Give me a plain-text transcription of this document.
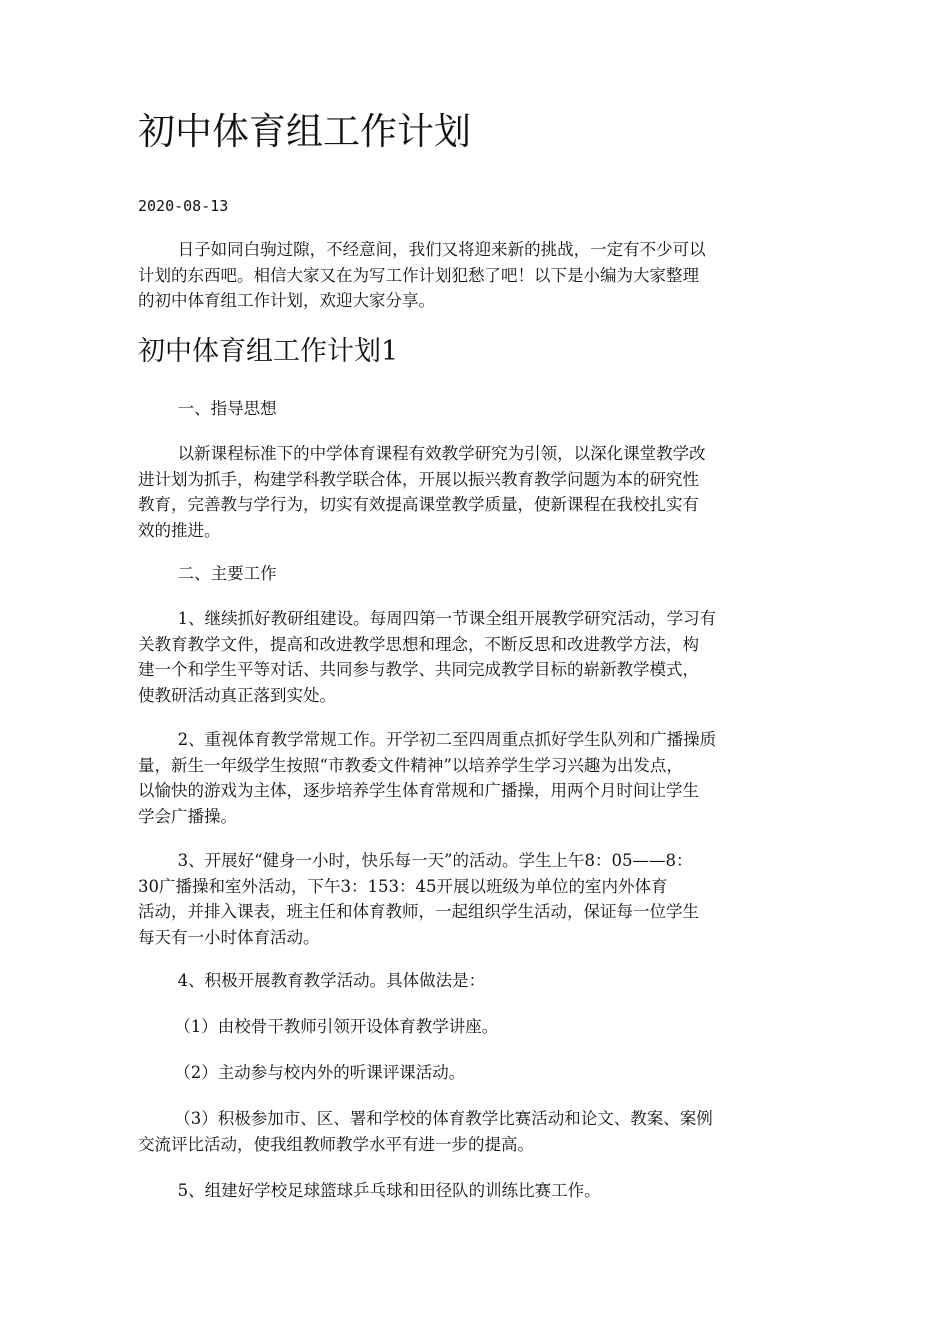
初中体育组工作计划
2020-08-13

日子如同白驹过隙，不经意间，我们又将迎来新的挑战，一定有不少可以
计划的东西吧。相信大家又在为写工作计划犯愁了吧！以下是小编为大家整理
的初中体育组工作计划，欢迎大家分享。

初中体育组工作计划1

一、指导思想

以新课程标准下的中学体育课程有效教学研究为引领，以深化课堂教学改
进计划为抓手，构建学科教学联合体，开展以振兴教育教学问题为本的研究性
教育，完善教与学行为，切实有效提高课堂教学质量，使新课程在我校扎实有
效的推进。

二、主要工作

1、继续抓好教研组建设。每周四第一节课全组开展教学研究活动，学习有
关教育教学文件，提高和改进教学思想和理念，不断反思和改进教学方法，构
建一个和学生平等对话、共同参与教学、共同完成教学目标的崭新教学模式，
使教研活动真正落到实处。

2、重视体育教学常规工作。开学初二至四周重点抓好学生队列和广播操质
量，新生一年级学生按照“市教委文件精神”以培养学生学习兴趣为出发点，
以愉快的游戏为主体，逐步培养学生体育常规和广播操，用两个月时间让学生
学会广播操。

3、开展好“健身一小时，快乐每一天”的活动。学生上午8：05——8：
30广播操和室外活动，下午3：153：45开展以班级为单位的室内外体育
活动，并排入课表，班主任和体育教师，一起组织学生活动，保证每一位学生
每天有一小时体育活动。

4、积极开展教育教学活动。具体做法是：

（1）由校骨干教师引领开设体育教学讲座。

（2）主动参与校内外的听课评课活动。

（3）积极参加市、区、署和学校的体育教学比赛活动和论文、教案、案例
交流评比活动，使我组教师教学水平有进一步的提高。

5、组建好学校足球篮球乒乓球和田径队的训练比赛工作。
